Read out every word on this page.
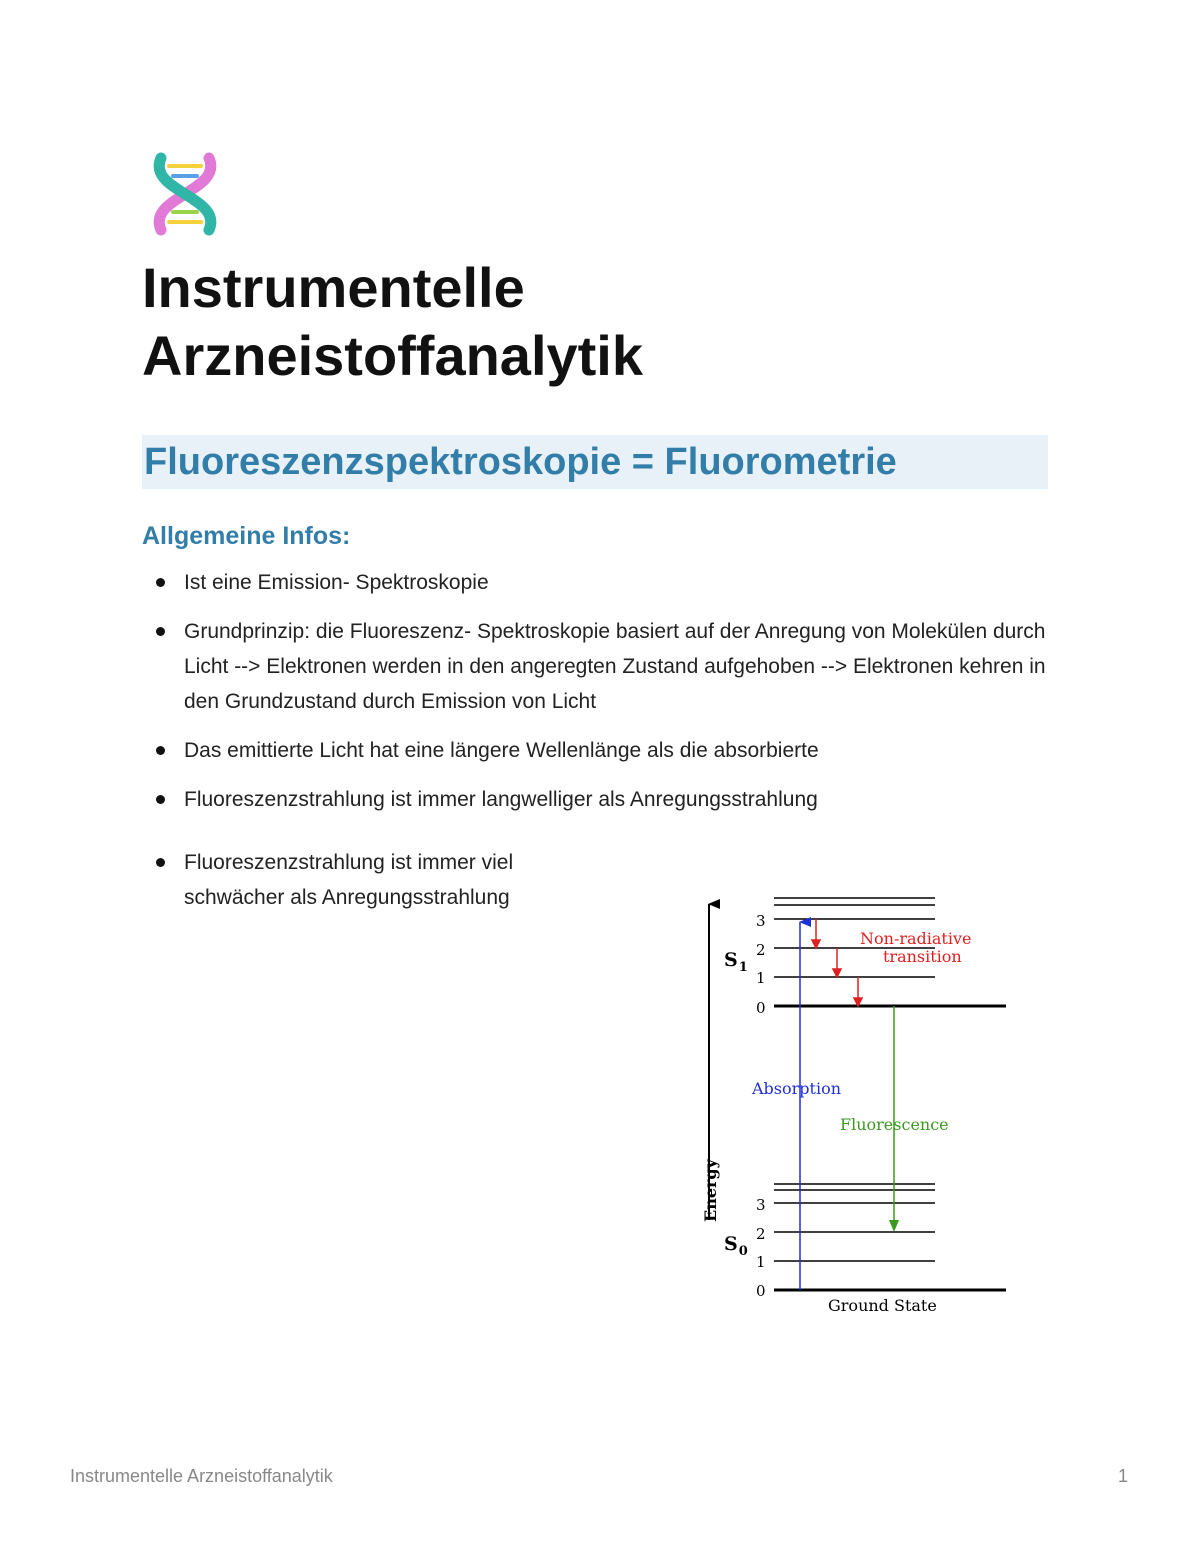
Instrumentelle
Arzneistoffanalytik
Fluoreszenzspektroskopie = Fluorometrie
Allgemeine Infos:
Ist eine Emission- Spektroskopie
Grundprinzip: die Fluoreszenz- Spektroskopie basiert auf der Anregung von Molekülen durch Licht --> Elektronen werden in den angeregten Zustand aufgehoben --> Elektronen kehren in den Grundzustand durch Emission von Licht
Das emittierte Licht hat eine längere Wellenlänge als die absorbierte
Fluoreszenzstrahlung ist immer langwelliger als Anregungsstrahlung
Fluoreszenzstrahlung ist immer viel schwächer als Anregungsstrahlung
Energy
3
2
1
0
$S_1$
3
2
1
0
$S_0$
Absorption
Non-radiative
transition
Fluorescence
Ground State
Instrumentelle Arzneistoffanalytik	1
